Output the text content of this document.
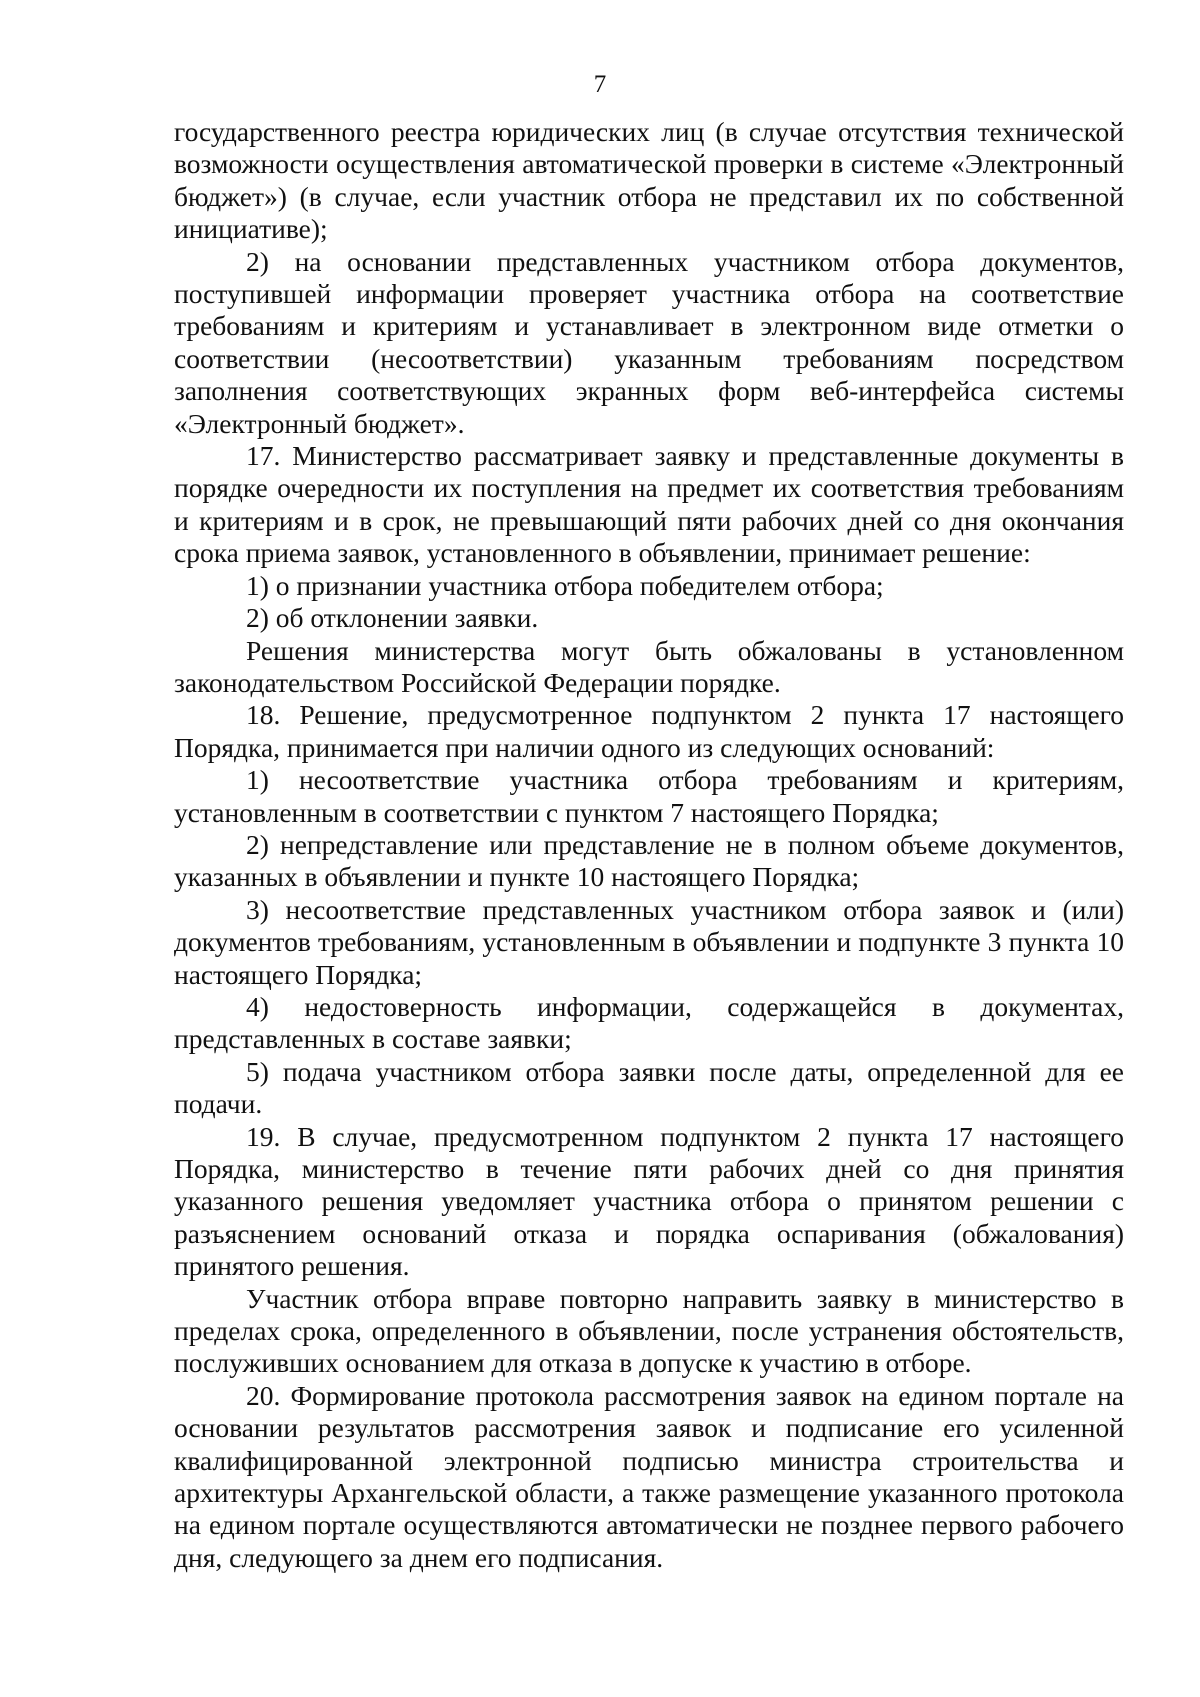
7

государственного реестра юридических лиц (в случае отсутствия технической возможности осуществления автоматической проверки в системе «Электронный бюджет») (в случае, если участник отбора не представил их по собственной инициативе);

2) на основании представленных участником отбора документов, поступившей информации проверяет участника отбора на соответствие требованиям и критериям и устанавливает в электронном виде отметки о соответствии (несоответствии) указанным требованиям посредством заполнения соответствующих экранных форм веб-интерфейса системы «Электронный бюджет».

17. Министерство рассматривает заявку и представленные документы в порядке очередности их поступления на предмет их соответствия требованиям и критериям и в срок, не превышающий пяти рабочих дней со дня окончания срока приема заявок, установленного в объявлении, принимает решение:

1) о признании участника отбора победителем отбора;

2) об отклонении заявки.

Решения министерства могут быть обжалованы в установленном законодательством Российской Федерации порядке.

18. Решение, предусмотренное подпунктом 2 пункта 17 настоящего Порядка, принимается при наличии одного из следующих оснований:

1) несоответствие участника отбора требованиям и критериям, установленным в соответствии с пунктом 7 настоящего Порядка;

2) непредставление или представление не в полном объеме документов, указанных в объявлении и пункте 10 настоящего Порядка;

3) несоответствие представленных участником отбора заявок и (или) документов требованиям, установленным в объявлении и подпункте 3 пункта 10 настоящего Порядка;

4) недостоверность информации, содержащейся в документах, представленных в составе заявки;

5) подача участником отбора заявки после даты, определенной для ее подачи.

19. В случае, предусмотренном подпунктом 2 пункта 17 настоящего Порядка, министерство в течение пяти рабочих дней со дня принятия указанного решения уведомляет участника отбора о принятом решении с разъяснением оснований отказа и порядка оспаривания (обжалования) принятого решения.

Участник отбора вправе повторно направить заявку в министерство в пределах срока, определенного в объявлении, после устранения обстоятельств, послуживших основанием для отказа в допуске к участию в отборе.

20. Формирование протокола рассмотрения заявок на едином портале на основании результатов рассмотрения заявок и подписание его усиленной квалифицированной электронной подписью министра строительства и архитектуры Архангельской области, а также размещение указанного протокола на едином портале осуществляются автоматически не позднее первого рабочего дня, следующего за днем его подписания.
